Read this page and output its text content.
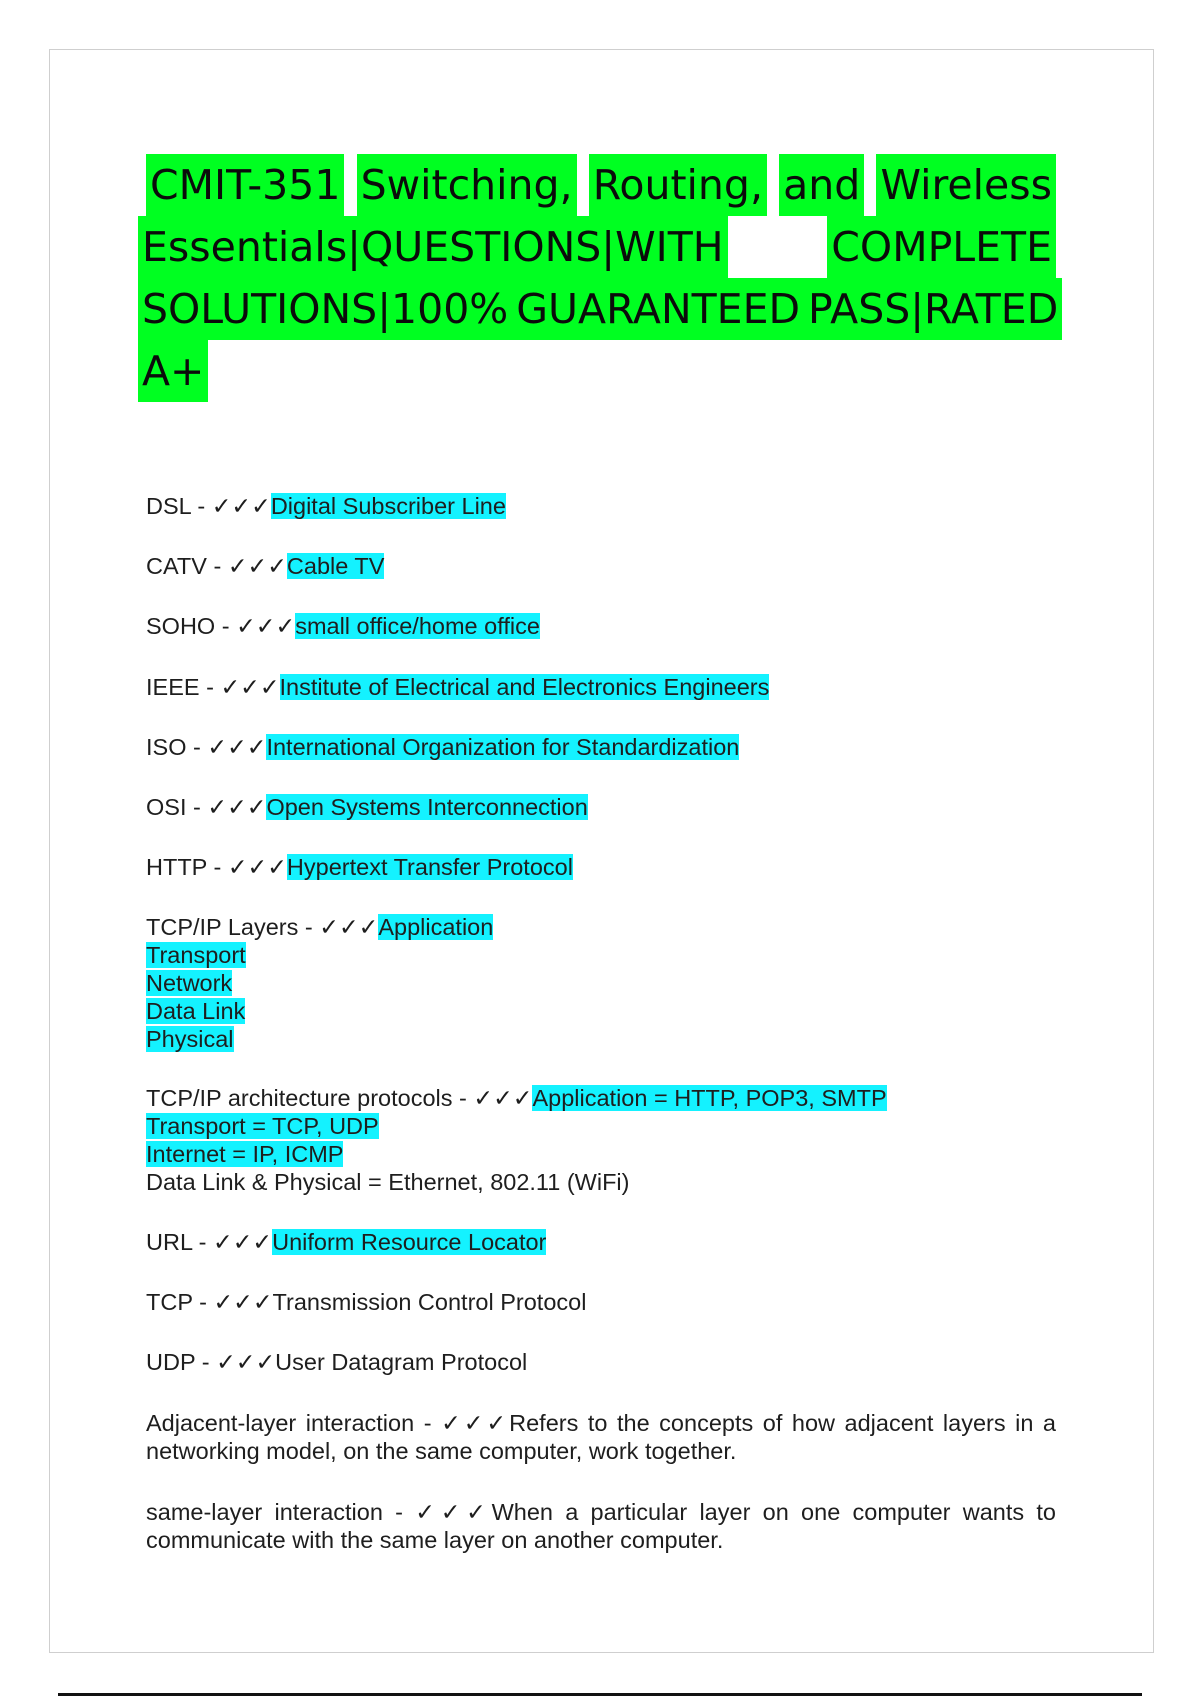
CMIT-351 Switching, Routing, and Wireless
Essentials|QUESTIONS|WITH	COMPLETE
SOLUTIONS|100% GUARANTEED PASS|RATED
A+
DSL - ✓✓✓Digital Subscriber Line
CATV - ✓✓✓Cable TV
SOHO - ✓✓✓small office/home office
IEEE - ✓✓✓Institute of Electrical and Electronics Engineers
ISO - ✓✓✓International Organization for Standardization
OSI - ✓✓✓Open Systems Interconnection
HTTP - ✓✓✓Hypertext Transfer Protocol
TCP/IP Layers - ✓✓✓Application
Transport
Network
Data Link
Physical
TCP/IP architecture protocols - ✓✓✓Application = HTTP, POP3, SMTP
Transport = TCP, UDP
Internet = IP, ICMP
Data Link & Physical = Ethernet, 802.11 (WiFi)
URL - ✓✓✓Uniform Resource Locator
TCP - ✓✓✓Transmission Control Protocol
UDP - ✓✓✓User Datagram Protocol
Adjacent-layer interaction - ✓✓✓Refers to the concepts of how adjacent layers in a networking model, on the same computer, work together.
same-layer interaction - ✓✓✓When a particular layer on one computer wants to communicate with the same layer on another computer.
